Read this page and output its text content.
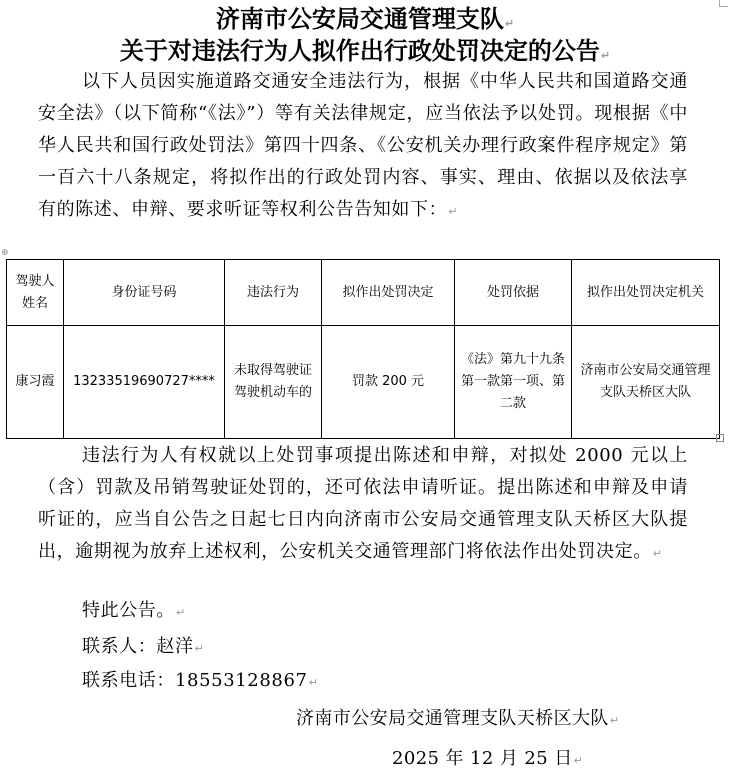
济南市公安局交通管理支队↵
关于对违法行为人拟作出行政处罚决定的公告↵
以下人员因实施道路交通安全违法行为，根据《中华人民共和国道路交通安全法》（以下简称“《法》”）等有关法律规定，应当依法予以处罚。现根据《中华人民共和国行政处罚法》第四十四条、《公安机关办理行政案件程序规定》第一百六十八条规定，将拟作出的行政处罚内容、事实、理由、依据以及依法享有的陈述、申辩、要求听证等权利公告告知如下：↵
⊕
驾驶人姓名	身份证号码	违法行为	拟作出处罚决定	处罚依据	拟作出处罚决定机关
康习霞	13233519690727****	未取得驾驶证驾驶机动车的	罚款 200 元	《法》第九十九条第一款第一项、第二款	济南市公安局交通管理支队天桥区大队
违法行为人有权就以上处罚事项提出陈述和申辩，对拟处 2000 元以上（含）罚款及吊销驾驶证处罚的，还可依法申请听证。提出陈述和申辩及申请听证的，应当自公告之日起七日内向济南市公安局交通管理支队天桥区大队提出，逾期视为放弃上述权利，公安机关交通管理部门将依法作出处罚决定。↵
特此公告。↵
联系人：赵洋↵
联系电话：18553128867↵
济南市公安局交通管理支队天桥区大队↵
2025 年 12 月 25 日↵
